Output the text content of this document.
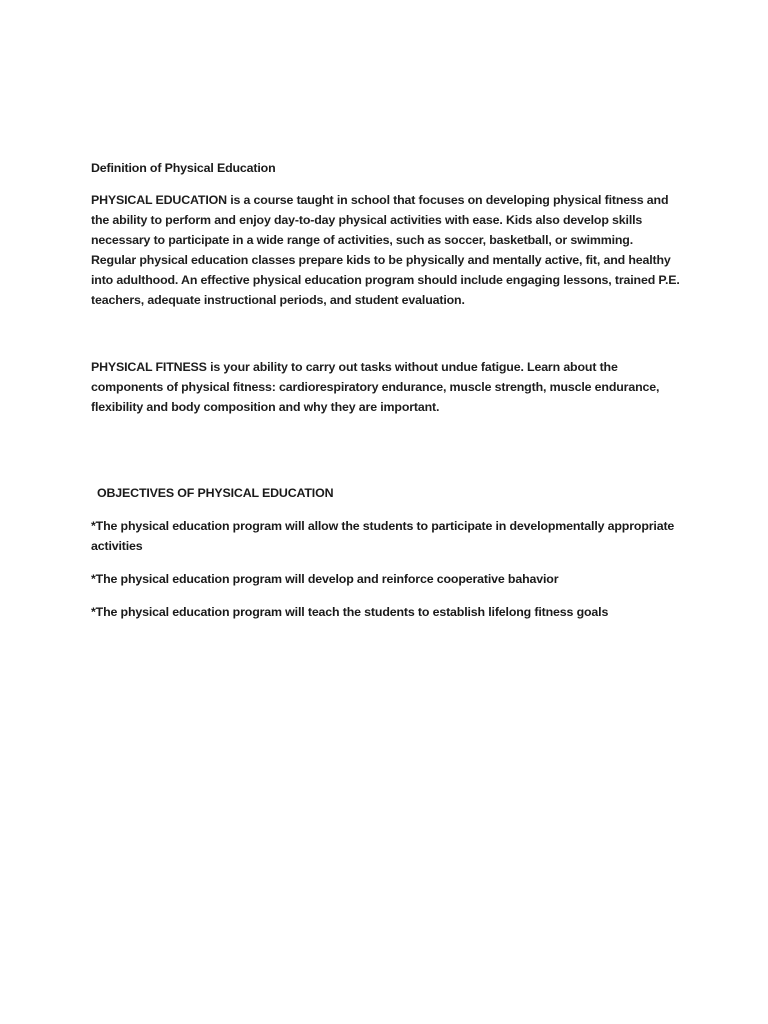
Definition of Physical Education

PHYSICAL EDUCATION is a course taught in school that focuses on developing physical fitness and the ability to perform and enjoy day-to-day physical activities with ease. Kids also develop skills necessary to participate in a wide range of activities, such as soccer, basketball, or swimming. Regular physical education classes prepare kids to be physically and mentally active, fit, and healthy into adulthood. An effective physical education program should include engaging lessons, trained P.E. teachers, adequate instructional periods, and student evaluation.

PHYSICAL FITNESS is your ability to carry out tasks without undue fatigue. Learn about the components of physical fitness: cardiorespiratory endurance, muscle strength, muscle endurance, flexibility and body composition and why they are important.

OBJECTIVES OF PHYSICAL EDUCATION
*The physical education program will allow the students to participate in developmentally appropriate activities
*The physical education program will develop and reinforce cooperative bahavior
*The physical education program will teach the students to establish lifelong fitness goals
